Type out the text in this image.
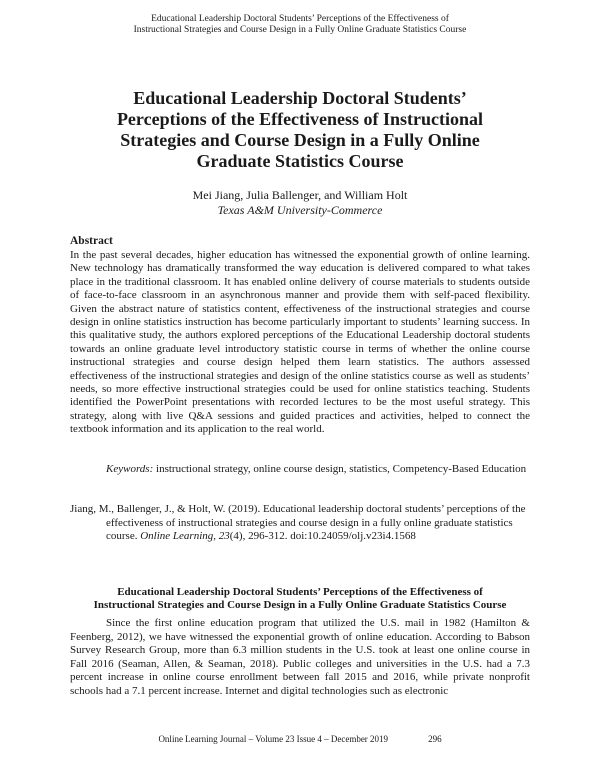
Educational Leadership Doctoral Students’ Perceptions of the Effectiveness of
Instructional Strategies and Course Design in a Fully Online Graduate Statistics Course
Educational Leadership Doctoral Students’ Perceptions of the Effectiveness of Instructional Strategies and Course Design in a Fully Online Graduate Statistics Course
Mei Jiang, Julia Ballenger, and William Holt
Texas A&M University-Commerce
Abstract

In the past several decades, higher education has witnessed the exponential growth of online learning. New technology has dramatically transformed the way education is delivered compared to what takes place in the traditional classroom. It has enabled online delivery of course materials to students outside of face-to-face classroom in an asynchronous manner and provide them with self-paced flexibility. Given the abstract nature of statistics content, effectiveness of the instructional strategies and course design in online statistics instruction has become particularly important to students’ learning success. In this qualitative study, the authors explored perceptions of the Educational Leadership doctoral students towards an online graduate level introductory statistic course in terms of whether the online course instructional strategies and course design helped them learn statistics. The authors assessed effectiveness of the instructional strategies and design of the online statistics course as well as students’ needs, so more effective instructional strategies could be used for online statistics teaching. Students identified the PowerPoint presentations with recorded lectures to be the most useful strategy. This strategy, along with live Q&A sessions and guided practices and activities, helped to connect the textbook information and its application to the real world.

Keywords: instructional strategy, online course design, statistics, Competency-Based Education

Jiang, M., Ballenger, J., & Holt, W. (2019). Educational leadership doctoral students’ perceptions of the effectiveness of instructional strategies and course design in a fully online graduate statistics course. Online Learning, 23(4), 296-312. doi:10.24059/olj.v23i4.1568

Educational Leadership Doctoral Students’ Perceptions of the Effectiveness of
Instructional Strategies and Course Design in a Fully Online Graduate Statistics Course

Since the first online education program that utilized the U.S. mail in 1982 (Hamilton & Feenberg, 2012), we have witnessed the exponential growth of online education. According to Babson Survey Research Group, more than 6.3 million students in the U.S. took at least one online course in Fall 2016 (Seaman, Allen, & Seaman, 2018). Public colleges and universities in the U.S. had a 7.3 percent increase in online course enrollment between fall 2015 and 2016, while private nonprofit schools had a 7.1 percent increase. Internet and digital technologies such as electronic

Online Learning Journal – Volume 23 Issue 4 – December 2019	296
